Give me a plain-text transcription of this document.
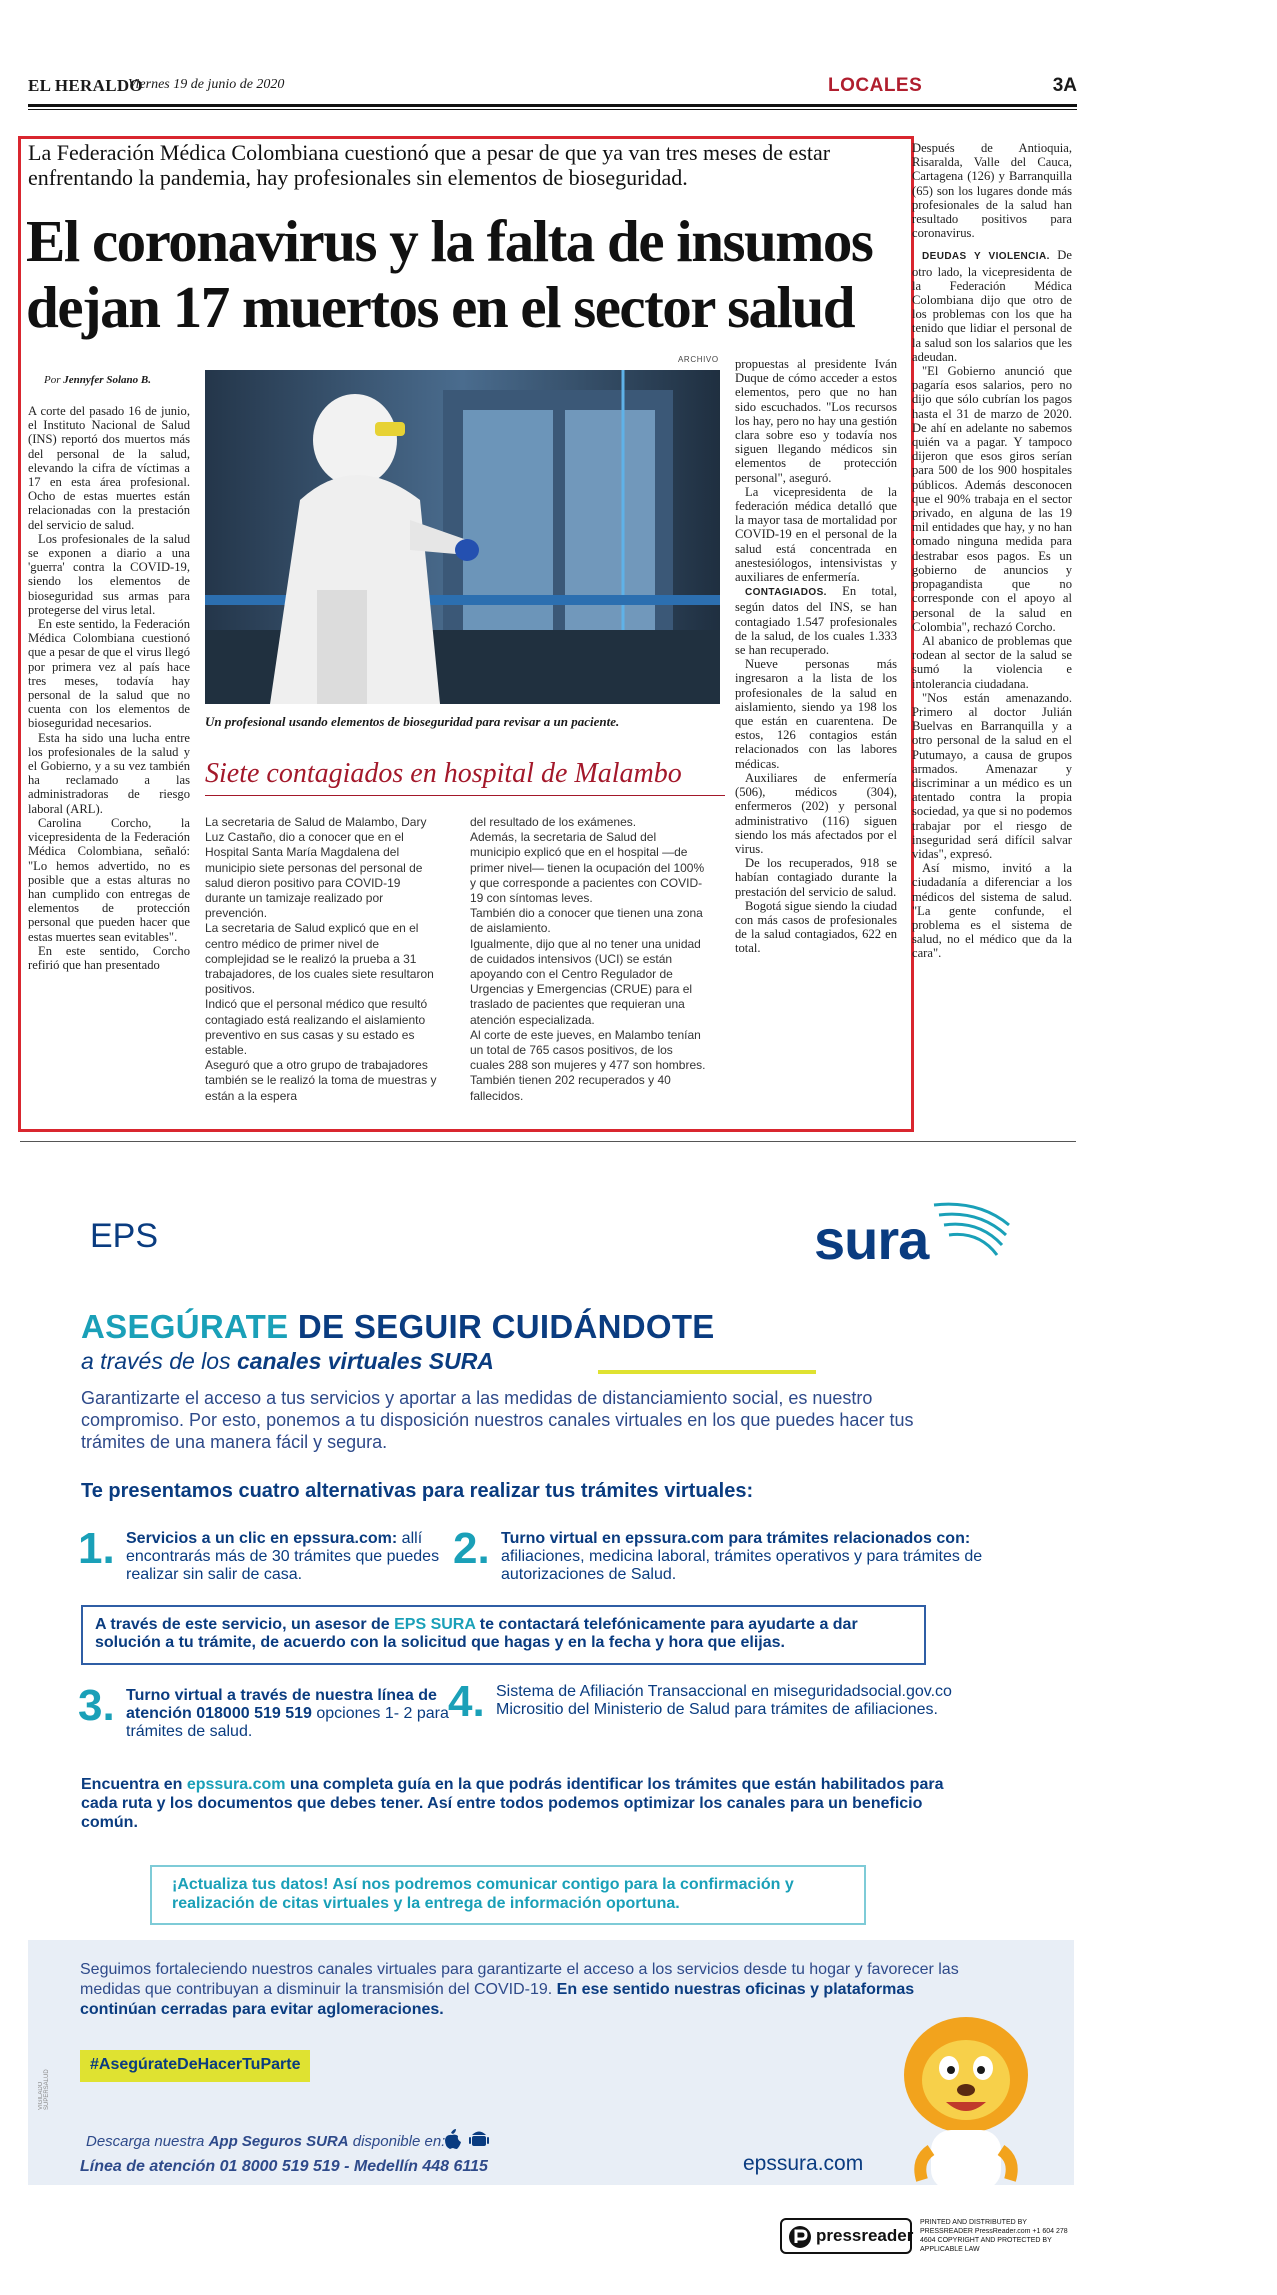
EL HERALDO
Viernes 19 de junio de 2020	LOCALES	3A
La Federación Médica Colombiana cuestionó que a pesar de que ya van tres meses de estar enfrentando la pandemia, hay profesionales sin elementos de bioseguridad.
El coronavirus y la falta de insumos dejan 17 muertos en el sector salud
ARCHIVO
Por Jennyfer Solano B.

A corte del pasado 16 de junio, el Instituto Nacional de Salud (INS) reportó dos muertos más del personal de la salud, elevando la cifra de víctimas a 17 en esta área profesional. Ocho de estas muertes están relacionadas con la prestación del servicio de salud.

Los profesionales de la salud se exponen a diario a una 'guerra' contra la COVID-19, siendo los elementos de bioseguridad sus armas para protegerse del virus letal.

En este sentido, la Federación Médica Colombiana cuestionó que a pesar de que el virus llegó por primera vez al país hace tres meses, todavía hay personal de la salud que no cuenta con los elementos de bioseguridad necesarios.

Esta ha sido una lucha entre los profesionales de la salud y el Gobierno, y a su vez también ha reclamado a las administradoras de riesgo laboral (ARL).

Carolina Corcho, la vicepresidenta de la Federación Médica Colombiana, señaló: "Lo hemos advertido, no es posible que a estas alturas no han cumplido con entregas de elementos de protección personal que pueden hacer que estas muertes sean evitables".

En este sentido, Corcho refirió que han presentado

Un profesional usando elementos de bioseguridad para revisar a un paciente.
Siete contagiados en hospital de Malambo
La secretaria de Salud de Malambo, Dary Luz Castaño, dio a conocer que en el Hospital Santa María Magdalena del municipio siete personas del personal de salud dieron positivo para COVID-19 durante un tamizaje realizado por prevención.
La secretaria de Salud explicó que en el centro médico de primer nivel de complejidad se le realizó la prueba a 31 trabajadores, de los cuales siete resultaron positivos.
Indicó que el personal médico que resultó contagiado está realizando el aislamiento preventivo en sus casas y su estado es estable.
Aseguró que a otro grupo de trabajadores también se le realizó la toma de muestras y están a la espera
del resultado de los exámenes.
Además, la secretaria de Salud del municipio explicó que en el hospital —de primer nivel— tienen la ocupación del 100% y que corresponde a pacientes con COVID-19 con síntomas leves.
También dio a conocer que tienen una zona de aislamiento.
Igualmente, dijo que al no tener una unidad de cuidados intensivos (UCI) se están apoyando con el Centro Regulador de Urgencias y Emergencias (CRUE) para el traslado de pacientes que requieran una atención especializada.
Al corte de este jueves, en Malambo tenían un total de 765 casos positivos, de los cuales 288 son mujeres y 477 son hombres. También tienen 202 recuperados y 40 fallecidos.

propuestas al presidente Iván Duque de cómo acceder a estos elementos, pero que no han sido escuchados. "Los recursos los hay, pero no hay una gestión clara sobre eso y todavía nos siguen llegando médicos sin elementos de protección personal", aseguró.

La vicepresidenta de la federación médica detalló que la mayor tasa de mortalidad por COVID-19 en el personal de la salud está concentrada en anestesiólogos, intensivistas y auxiliares de enfermería.

CONTAGIADOS. En total, según datos del INS, se han contagiado 1.547 profesionales de la salud, de los cuales 1.333 se han recuperado.

Nueve personas más ingresaron a la lista de los profesionales de la salud en aislamiento, siendo ya 198 los que están en cuarentena. De estos, 126 contagios están relacionados con las labores médicas.

Auxiliares de enfermería (506), médicos (304), enfermeros (202) y personal administrativo (116) siguen siendo los más afectados por el virus.

De los recuperados, 918 se habían contagiado durante la prestación del servicio de salud.

Bogotá sigue siendo la ciudad con más casos de profesionales de la salud contagiados, 622 en total.

Después de Antioquia, Risaralda, Valle del Cauca, Cartagena (126) y Barranquilla (65) son los lugares donde más profesionales de la salud han resultado positivos para coronavirus.

DEUDAS Y VIOLENCIA. De otro lado, la vicepresidenta de la Federación Médica Colombiana dijo que otro de los problemas con los que ha tenido que lidiar el personal de la salud son los salarios que les adeudan.

"El Gobierno anunció que pagaría esos salarios, pero no dijo que sólo cubrían los pagos hasta el 31 de marzo de 2020. De ahí en adelante no sabemos quién va a pagar. Y tampoco dijeron que esos giros serían para 500 de los 900 hospitales públicos. Además desconocen que el 90% trabaja en el sector privado, en alguna de las 19 mil entidades que hay, y no han tomado ninguna medida para destrabar esos pagos. Es un gobierno de anuncios y propagandista que no corresponde con el apoyo al personal de la salud en Colombia", rechazó Corcho.

Al abanico de problemas que rodean al sector de la salud se sumó la violencia e intolerancia ciudadana.

"Nos están amenazando. Primero al doctor Julián Buelvas en Barranquilla y a otro personal de la salud en el Putumayo, a causa de grupos armados. Amenazar y discriminar a un médico es un atentado contra la propia sociedad, ya que si no podemos trabajar por el riesgo de inseguridad será difícil salvar vidas", expresó.

Así mismo, invitó a la ciudadanía a diferenciar a los médicos del sistema de salud. "La gente confunde, el problema es el sistema de salud, no el médico que da la cara".

EPS	sura
ASEGÚRATE DE SEGUIR CUIDÁNDOTE
a través de los canales virtuales SURA
Garantizarte el acceso a tus servicios y aportar a las medidas de distanciamiento social, es nuestro compromiso. Por esto, ponemos a tu disposición nuestros canales virtuales en los que puedes hacer tus trámites de una manera fácil y segura.
Te presentamos cuatro alternativas para realizar tus trámites virtuales:
1. Servicios a un clic en epssura.com: allí encontrarás más de 30 trámites que puedes realizar sin salir de casa.
2. Turno virtual en epssura.com para trámites relacionados con: afiliaciones, medicina laboral, trámites operativos y para trámites de autorizaciones de Salud.
A través de este servicio, un asesor de EPS SURA te contactará telefónicamente para ayudarte a dar solución a tu trámite, de acuerdo con la solicitud que hagas y en la fecha y hora que elijas.
3. Turno virtual a través de nuestra línea de atención 018000 519 519 opciones 1- 2 para trámites de salud.
4. Sistema de Afiliación Transaccional en miseguridadsocial.gov.co Micrositio del Ministerio de Salud para trámites de afiliaciones.
Encuentra en epssura.com una completa guía en la que podrás identificar los trámites que están habilitados para cada ruta y los documentos que debes tener. Así entre todos podemos optimizar los canales para un beneficio común.
¡Actualiza tus datos! Así nos podremos comunicar contigo para la confirmación y realización de citas virtuales y la entrega de información oportuna.
Seguimos fortaleciendo nuestros canales virtuales para garantizarte el acceso a los servicios desde tu hogar y favorecer las medidas que contribuyan a disminuir la transmisión del COVID-19. En ese sentido nuestras oficinas y plataformas continúan cerradas para evitar aglomeraciones.
VIGILADO SUPERSALUD
#AsegúrateDeHacerTuParte
Descarga nuestra App Seguros SURA disponible en:
Línea de atención 01 8000 519 519 - Medellín 448 6115	epssura.com
pressreader
PRINTED AND DISTRIBUTED BY PRESSREADER PressReader.com +1 604 278 4604 COPYRIGHT AND PROTECTED BY APPLICABLE LAW
